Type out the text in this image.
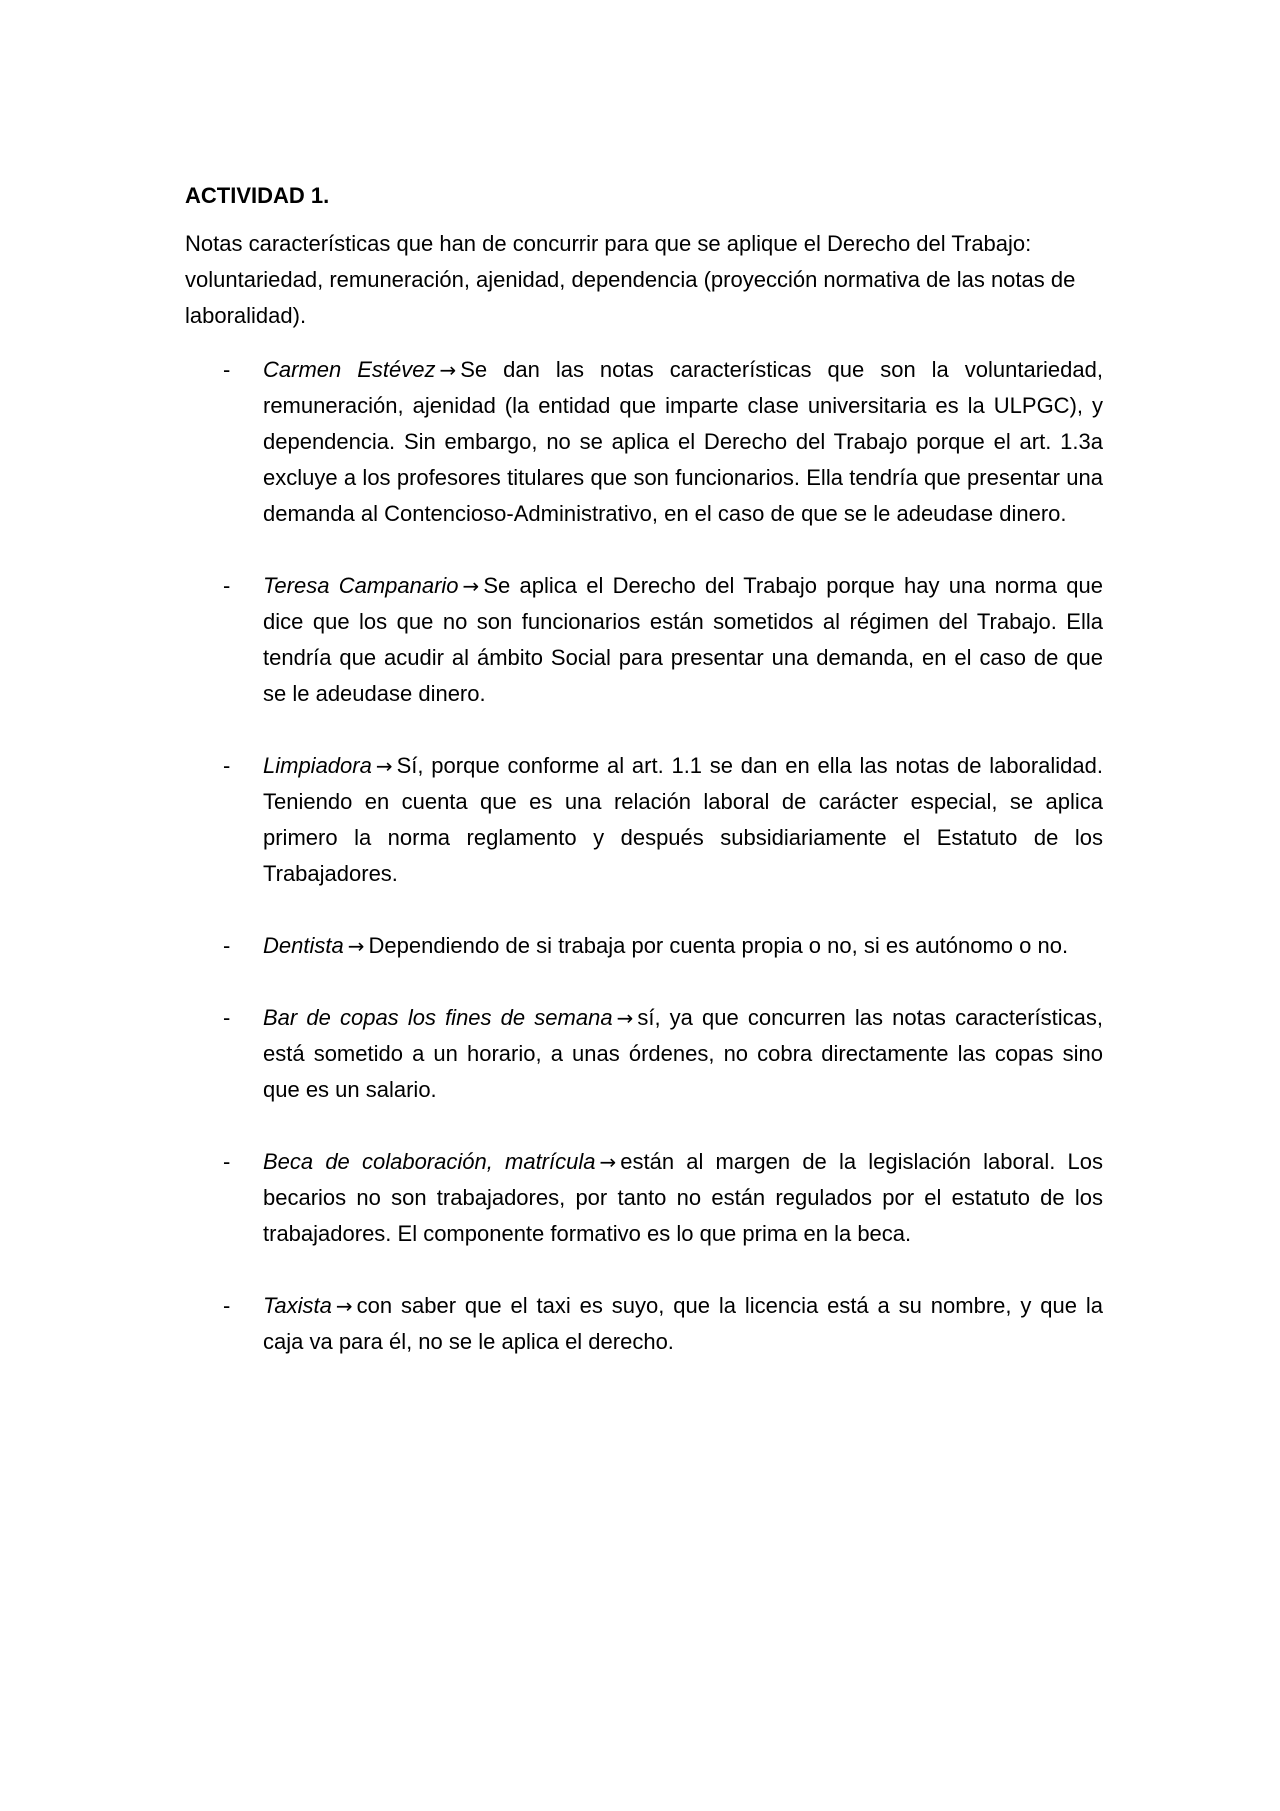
ACTIVIDAD 1.

Notas características que han de concurrir para que se aplique el Derecho del Trabajo: voluntariedad, remuneración, ajenidad, dependencia (proyección normativa de las notas de laboralidad).

- Carmen Estévez → Se dan las notas características que son la voluntariedad, remuneración, ajenidad (la entidad que imparte clase universitaria es la ULPGC), y dependencia. Sin embargo, no se aplica el Derecho del Trabajo porque el art. 1.3a excluye a los profesores titulares que son funcionarios. Ella tendría que presentar una demanda al Contencioso-Administrativo, en el caso de que se le adeudase dinero.
- Teresa Campanario → Se aplica el Derecho del Trabajo porque hay una norma que dice que los que no son funcionarios están sometidos al régimen del Trabajo. Ella tendría que acudir al ámbito Social para presentar una demanda, en el caso de que se le adeudase dinero.
- Limpiadora → Sí, porque conforme al art. 1.1 se dan en ella las notas de laboralidad. Teniendo en cuenta que es una relación laboral de carácter especial, se aplica primero la norma reglamento y después subsidiariamente el Estatuto de los Trabajadores.
- Dentista → Dependiendo de si trabaja por cuenta propia o no, si es autónomo o no.
- Bar de copas los fines de semana → sí, ya que concurren las notas características, está sometido a un horario, a unas órdenes, no cobra directamente las copas sino que es un salario.
- Beca de colaboración, matrícula → están al margen de la legislación laboral. Los becarios no son trabajadores, por tanto no están regulados por el estatuto de los trabajadores. El componente formativo es lo que prima en la beca.
- Taxista → con saber que el taxi es suyo, que la licencia está a su nombre, y que la caja va para él, no se le aplica el derecho.
